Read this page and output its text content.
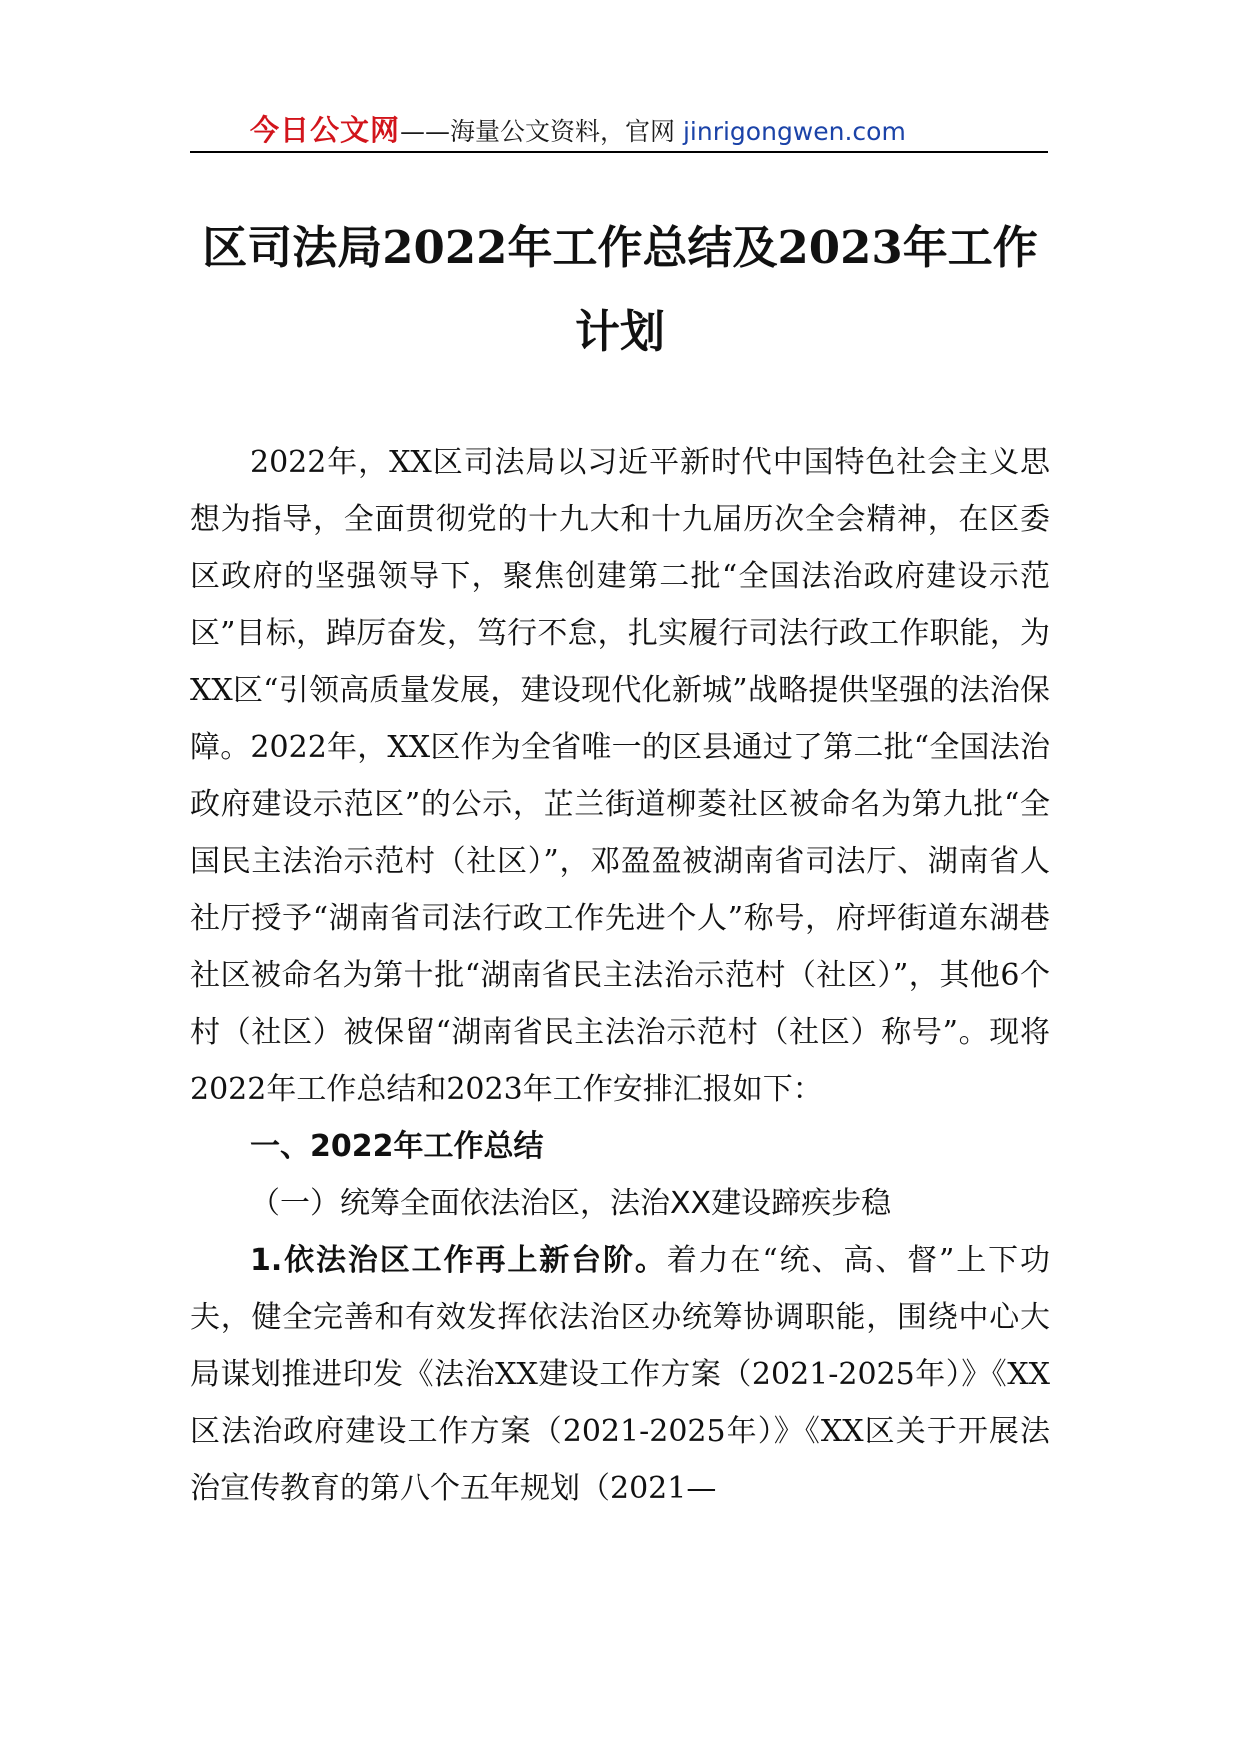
今日公文网——海量公文资料，官网 jinrigongwen.com
区司法局2022年工作总结及2023年工作计划

2022年，XX区司法局以习近平新时代中国特色社会主义思想为指导，全面贯彻党的十九大和十九届历次全会精神，在区委区政府的坚强领导下，聚焦创建第二批“全国法治政府建设示范区”目标，踔厉奋发，笃行不怠，扎实履行司法行政工作职能，为XX区“引领高质量发展，建设现代化新城”战略提供坚强的法治保障。2022年，XX区作为全省唯一的区县通过了第二批“全国法治政府建设示范区”的公示，芷兰街道柳菱社区被命名为第九批“全国民主法治示范村（社区）”，邓盈盈被湖南省司法厅、湖南省人社厅授予“湖南省司法行政工作先进个人”称号，府坪街道东湖巷社区被命名为第十批“湖南省民主法治示范村（社区）”，其他6个村（社区）被保留“湖南省民主法治示范村（社区）称号”。现将2022年工作总结和2023年工作安排汇报如下：

一、2022年工作总结

（一）统筹全面依法治区，法治XX建设蹄疾步稳

1.依法治区工作再上新台阶。着力在“统、高、督”上下功夫，健全完善和有效发挥依法治区办统筹协调职能，围绕中心大局谋划推进印发《法治XX建设工作方案（2021-2025年）》《XX区法治政府建设工作方案（2021-2025年）》《XX区关于开展法治宣传教育的第八个五年规划（2021—
